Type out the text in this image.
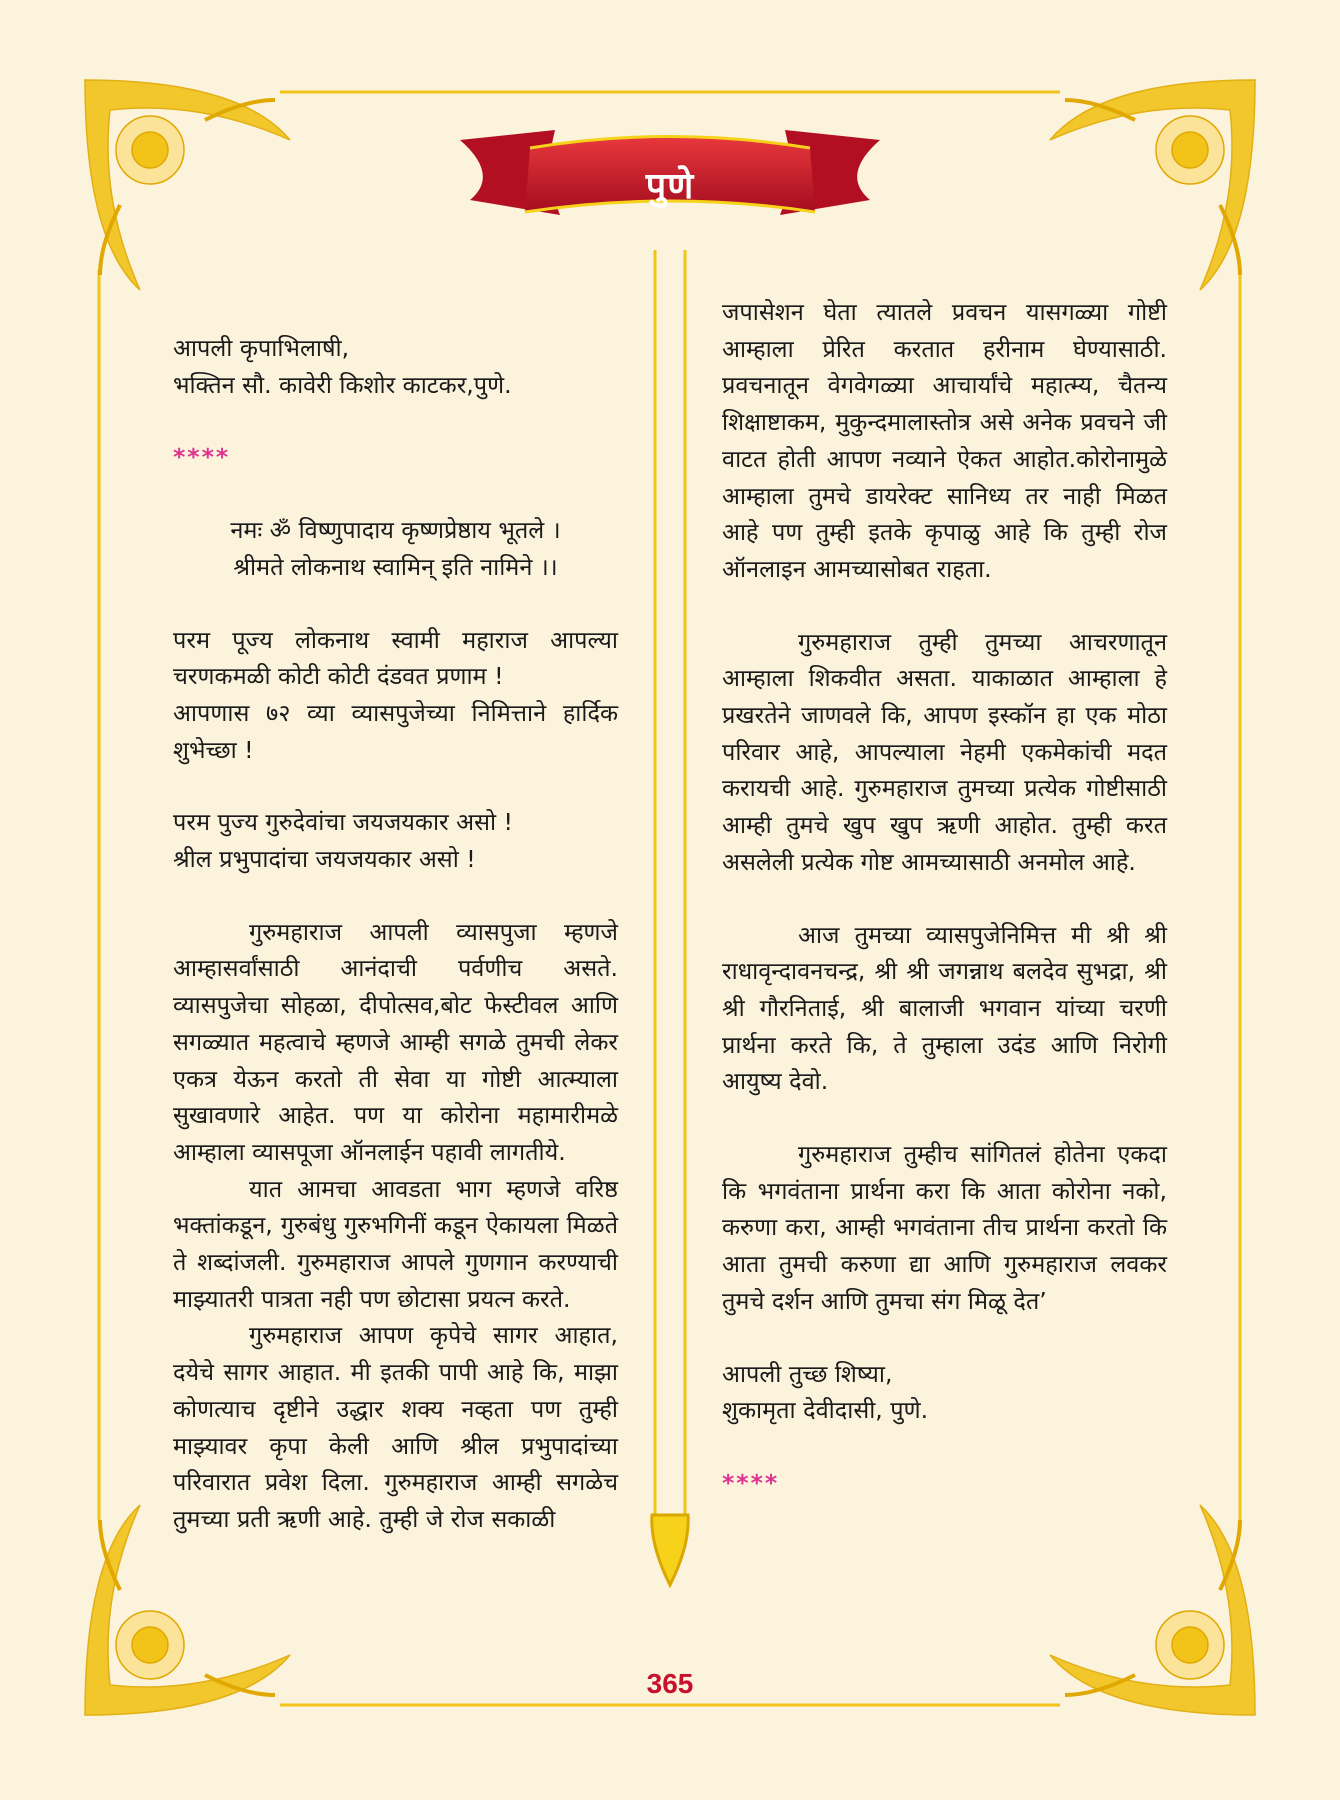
पुणे

आपली कृपाभिलाषी,

भक्तिन सौ. कावेरी किशोर काटकर,पुणे.

****

नमः ॐ विष्णुपादाय कृष्णप्रेष्ठाय भूतले ।

श्रीमते लोकनाथ स्वामिन् इति नामिने ।।

परम पूज्य लोकनाथ स्वामी महाराज आपल्या चरणकमळी कोटी कोटी दंडवत प्रणाम !

आपणास ७२ व्या व्यासपुजेच्या निमित्ताने हार्दिक शुभेच्छा !

परम पुज्य गुरुदेवांचा जयजयकार असो !

श्रील प्रभुपादांचा जयजयकार असो !

गुरुमहाराज आपली व्यासपुजा म्हणजे आम्हासर्वांसाठी आनंदाची पर्वणीच असते. व्यासपुजेचा सोहळा, दीपोत्सव,बोट फेस्टीवल आणि सगळ्यात महत्वाचे म्हणजे आम्ही सगळे तुमची लेकर एकत्र येऊन करतो ती सेवा या गोष्टी आत्म्याला सुखावणारे आहेत. पण या कोरोना महामारीमळे आम्हाला व्यासपूजा ऑनलाईन पहावी लागतीये.

यात आमचा आवडता भाग म्हणजे वरिष्ठ भक्तांकडून, गुरुबंधु गुरुभगिनीं कडून ऐकायला मिळते ते शब्दांजली. गुरुमहाराज आपले गुणगान करण्याची माझ्यातरी पात्रता नही पण छोटासा प्रयत्न करते.

गुरुमहाराज आपण कृपेचे सागर आहात, दयेचे सागर आहात. मी इतकी पापी आहे कि, माझा कोणत्याच दृष्टीने उद्धार शक्य नव्हता पण तुम्ही माझ्यावर कृपा केली आणि श्रील प्रभुपादांच्या परिवारात प्रवेश दिला. गुरुमहाराज आम्ही सगळेच तुमच्या प्रती ऋणी आहे. तुम्ही जे रोज सकाळी

जपासेशन घेता त्यातले प्रवचन यासगळ्या गोष्टी आम्हाला प्रेरित करतात हरीनाम घेण्यासाठी. प्रवचनातून वेगवेगळ्या आचार्यांचे महात्म्य, चैतन्य शिक्षाष्टाकम, मुकुन्दमालास्तोत्र असे अनेक प्रवचने जी वाटत होती आपण नव्याने ऐकत आहोत.कोरोनामुळे आम्हाला तुमचे डायरेक्ट सानिध्य तर नाही मिळत आहे पण तुम्ही इतके कृपाळु आहे कि तुम्ही रोज ऑनलाइन आमच्यासोबत राहता.

गुरुमहाराज तुम्ही तुमच्या आचरणातून आम्हाला शिकवीत असता. याकाळात आम्हाला हे प्रखरतेने जाणवले कि, आपण इस्कॉन हा एक मोठा परिवार आहे, आपल्याला नेहमी एकमेकांची मदत करायची आहे. गुरुमहाराज तुमच्या प्रत्येक गोष्टीसाठी आम्ही तुमचे खुप खुप ऋणी आहोत. तुम्ही करत असलेली प्रत्येक गोष्ट आमच्यासाठी अनमोल आहे.

आज तुमच्या व्यासपुजेनिमित्त मी श्री श्री राधावृन्दावनचन्द्र, श्री श्री जगन्नाथ बलदेव सुभद्रा, श्री श्री गौरनिताई, श्री बालाजी भगवान यांच्या चरणी प्रार्थना करते कि, ते तुम्हाला उदंड आणि निरोगी आयुष्य देवो.

गुरुमहाराज तुम्हीच सांगितलं होतेना एकदा कि भगवंताना प्रार्थना करा कि आता कोरोना नको, करुणा करा, आम्ही भगवंताना तीच प्रार्थना करतो कि आता तुमची करुणा द्या आणि गुरुमहाराज लवकर तुमचे दर्शन आणि तुमचा संग मिळू देत’

आपली तुच्छ शिष्या,

शुकामृता देवीदासी, पुणे.

****

365
